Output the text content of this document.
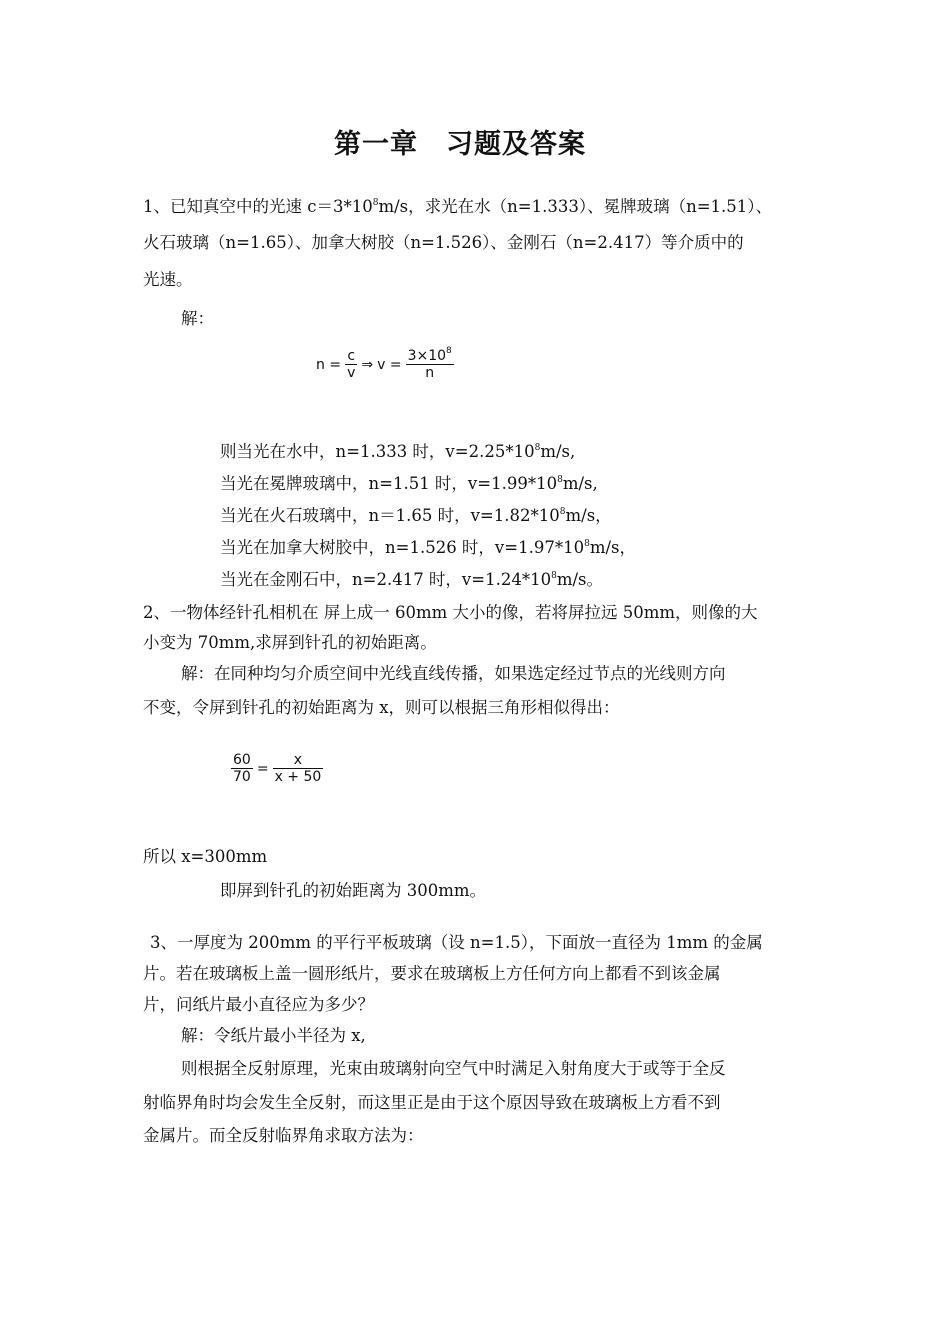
第一章　习题及答案
1、已知真空中的光速 $c=3*10^8m/s$，求光在水（n=1.333）、冕牌玻璃（n=1.51）、
火石玻璃（n=1.65）、加拿大树胶（n=1.526）、金刚石（n=2.417）等介质中的
光速。
解：
$n = \frac{c}{v}$ ⇒ $v = \frac{3\times 10^8}{n}$
则当光在水中，n=1.333 时，$v=2.25*10^8m/s$,
当光在冕牌玻璃中，n=1.51 时，$v=1.99*10^8m/s$,
当光在火石玻璃中，n＝1.65 时，$v=1.82*10^8m/s$，
当光在加拿大树胶中，n=1.526 时，$v=1.97*10^8m/s$，
当光在金刚石中，n=2.417 时，$v=1.24*10^8m/s$。
2、一物体经针孔相机在 屏上成一 60mm 大小的像，若将屏拉远 50mm，则像的大
小变为 70mm,求屏到针孔的初始距离。
解：在同种均匀介质空间中光线直线传播，如果选定经过节点的光线则方向
不变，令屏到针孔的初始距离为 x，则可以根据三角形相似得出：
$\frac{60}{70} = \frac{x}{x + 50}$
所以 x=300mm
即屏到针孔的初始距离为 300mm。
3、一厚度为 200mm 的平行平板玻璃（设 n=1.5），下面放一直径为 1mm 的金属
片。若在玻璃板上盖一圆形纸片，要求在玻璃板上方任何方向上都看不到该金属
片，问纸片最小直径应为多少？
解：令纸片最小半径为 x,
则根据全反射原理，光束由玻璃射向空气中时满足入射角度大于或等于全反
射临界角时均会发生全反射，而这里正是由于这个原因导致在玻璃板上方看不到
金属片。而全反射临界角求取方法为：
